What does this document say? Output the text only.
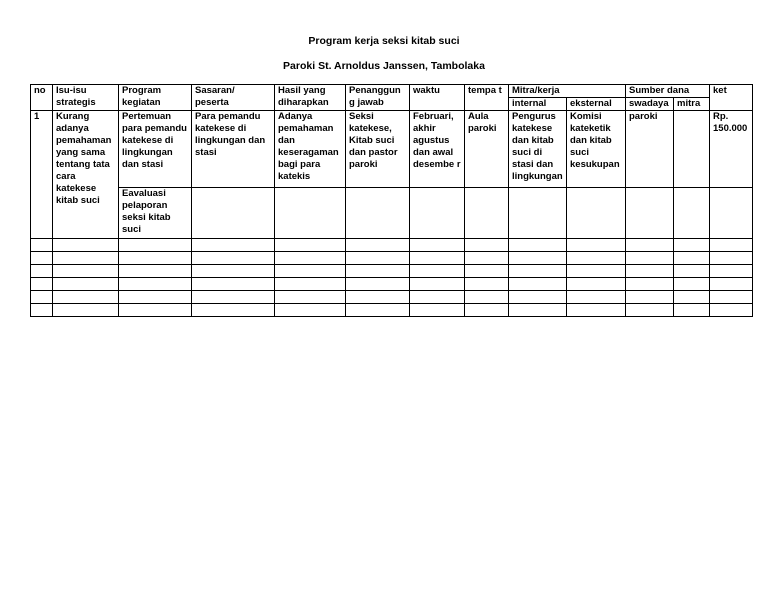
Program kerja seksi kitab suci
Paroki St. Arnoldus Janssen, Tambolaka
no	Isu-isu strategis	Program kegiatan	Sasaran/ peserta	Hasil yang diharapkan	Penanggung jawab	waktu	tempa t	Mitra/kerja		Sumber dana		ket
								internal	eksternal	swadaya	mitra	
1	Kurang adanya pemahaman yang sama tentang tata cara katekese kitab suci	Pertemuan para pemandu katekese di lingkungan dan stasi	Para pemandu katekese di lingkungan dan stasi	Adanya pemahaman dan keseragaman bagi para katekis	Seksi katekese, Kitab suci dan pastor paroki	Februari, akhir agustus dan awal desembe r	Aula paroki	Pengurus katekese dan kitab suci di stasi dan lingkungan	Komisi kateketik dan kitab suci kesukupan	paroki		Rp. 150.000
		Eavaluasi pelaporan seksi kitab suci										
